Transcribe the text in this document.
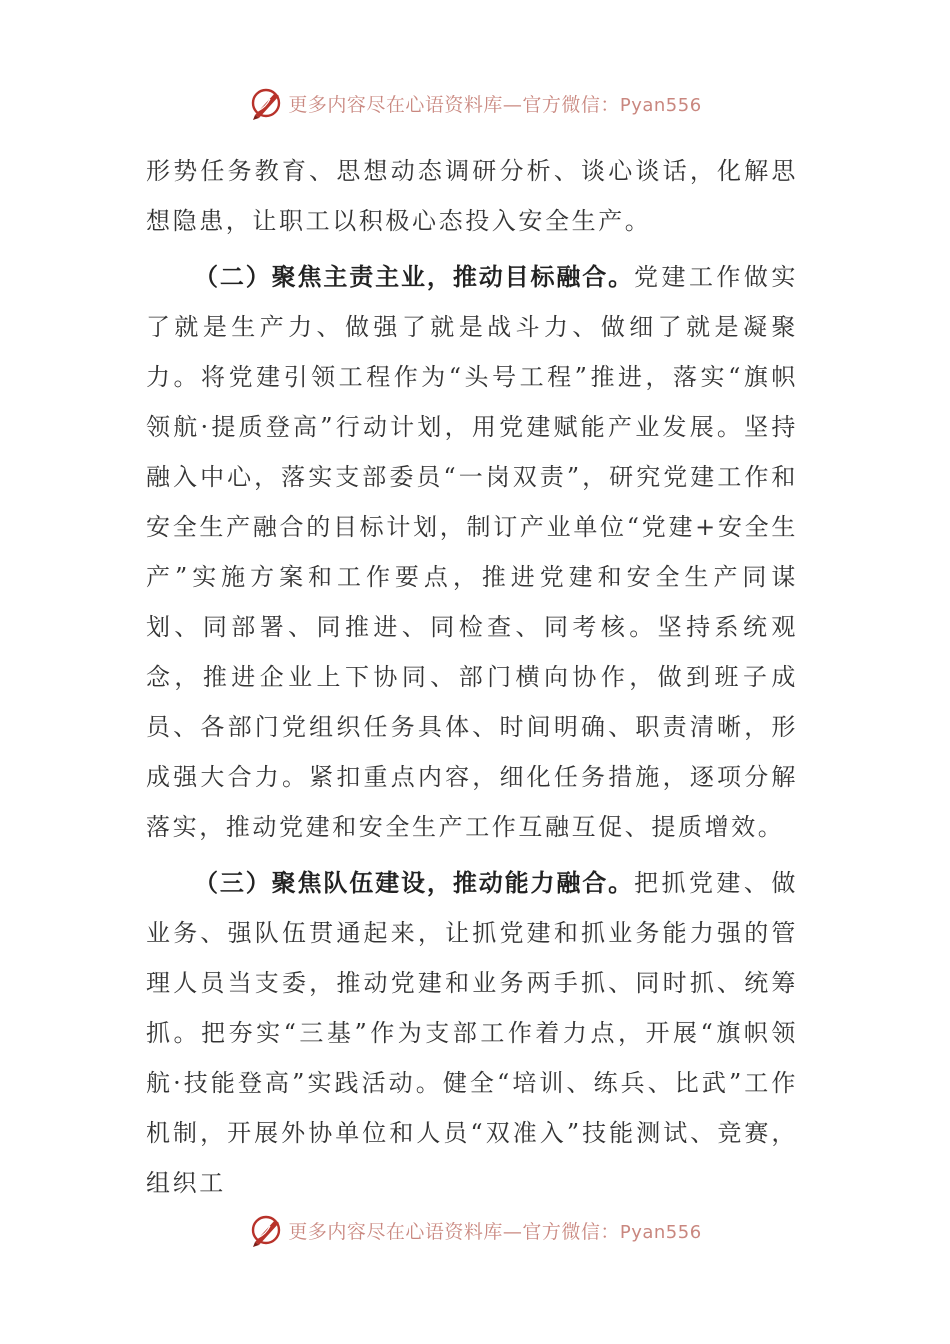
更多内容尽在心语资料库—官方微信：Pyan556

形势任务教育、思想动态调研分析、谈心谈话，化解思想隐患，让职工以积极心态投入安全生产。

（二）聚焦主责主业，推动目标融合。党建工作做实了就是生产力、做强了就是战斗力、做细了就是凝聚力。将党建引领工程作为“头号工程”推进，落实“旗帜领航·提质登高”行动计划，用党建赋能产业发展。坚持融入中心，落实支部委员“一岗双责”，研究党建工作和安全生产融合的目标计划，制订产业单位“党建+安全生产”实施方案和工作要点，推进党建和安全生产同谋划、同部署、同推进、同检查、同考核。坚持系统观念，推进企业上下协同、部门横向协作，做到班子成员、各部门党组织任务具体、时间明确、职责清晰，形成强大合力。紧扣重点内容，细化任务措施，逐项分解落实，推动党建和安全生产工作互融互促、提质增效。

（三）聚焦队伍建设，推动能力融合。把抓党建、做业务、强队伍贯通起来，让抓党建和抓业务能力强的管理人员当支委，推动党建和业务两手抓、同时抓、统筹抓。把夯实“三基”作为支部工作着力点，开展“旗帜领航·技能登高”实践活动。健全“培训、练兵、比武”工作机制，开展外协单位和人员“双准入”技能测试、竞赛，组织工

更多内容尽在心语资料库—官方微信：Pyan556
